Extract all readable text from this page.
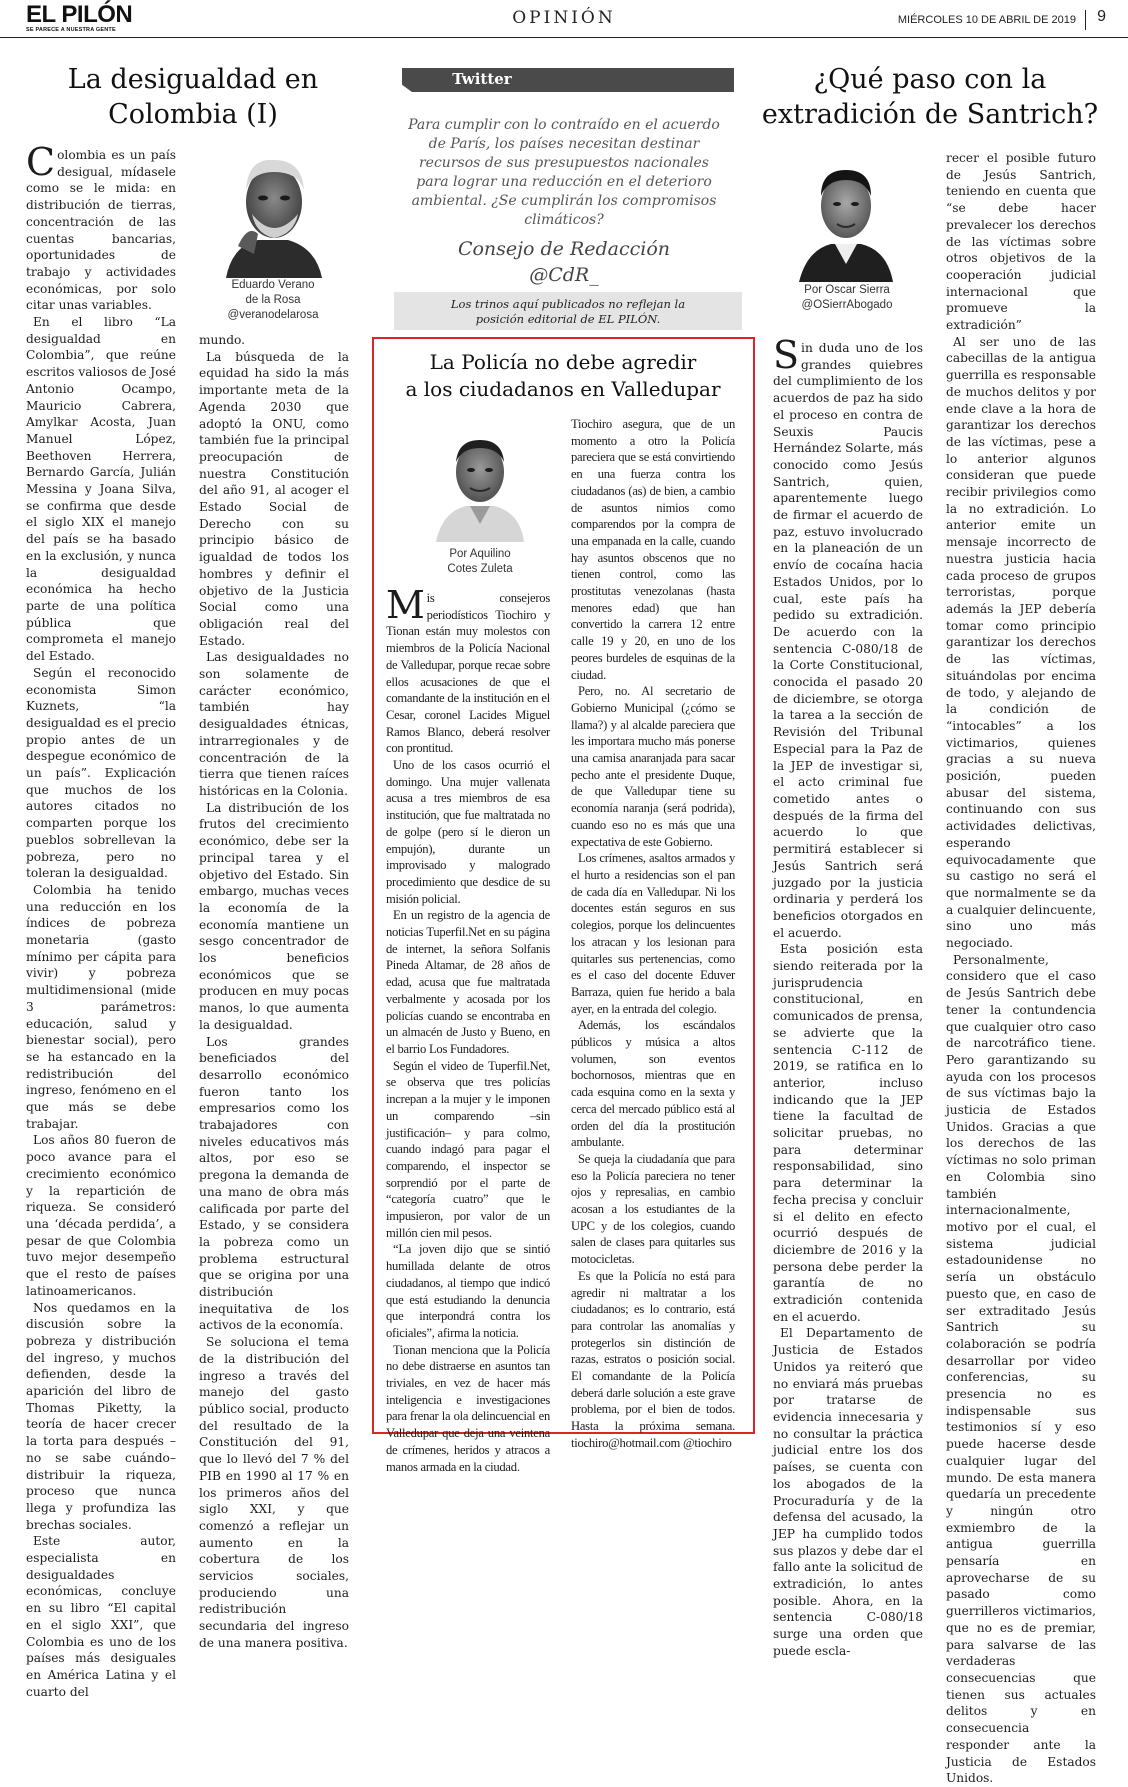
EL PILÓN
SE PARECE A NUESTRA GENTE
OPINIÓN	MIÉRCOLES 10 DE ABRIL DE 2019 9
La desigualdad en
Colombia (I)
Eduardo Verano
de la Rosa
@veranodelarosa

Colombia es un país desigual, mídasele como se le mida: en distribución de tierras, concentración de las cuentas bancarias, oportunidades de trabajo y actividades económicas, por solo citar unas variables.

En el libro “La desigualdad en Colombia”, que reúne escritos valiosos de José Antonio Ocampo, Mauricio Cabrera, Amylkar Acosta, Juan Manuel López, Beethoven Herrera, Bernardo García, Julián Messina y Joana Silva, se confirma que desde el siglo XIX el manejo del país se ha basado en la exclusión, y nunca la desigualdad económica ha hecho parte de una política pública que comprometa el manejo del Estado.

Según el reconocido economista Simon Kuznets, “la desigualdad es el precio propio antes de un despegue económico de un país”. Explicación que muchos de los autores citados no comparten porque los pueblos sobrellevan la pobreza, pero no toleran la desigualdad.

Colombia ha tenido una reducción en los índices de pobreza monetaria (gasto mínimo per cápita para vivir) y pobreza multidimensional (mide 3 parámetros: educación, salud y bienestar social), pero se ha estancado en la redistribución del ingreso, fenómeno en el que más se debe trabajar.

Los años 80 fueron de poco avance para el crecimiento económico y la repartición de riqueza. Se consideró una ‘década perdida’, a pesar de que Colombia tuvo mejor desempeño que el resto de países latinoamericanos.

Nos quedamos en la discusión sobre la pobreza y distribución del ingreso, y muchos defienden, desde la aparición del libro de Thomas Piketty, la teoría de hacer crecer la torta para después –no se sabe cuándo– distribuir la riqueza, proceso que nunca llega y profundiza las brechas sociales.

Este autor, especialista en desigualdades económicas, concluye en su libro “El capital en el siglo XXI”, que Colombia es uno de los países más desiguales en América Latina y el cuarto del

mundo.

La búsqueda de la equidad ha sido la más importante meta de la Agenda 2030 que adoptó la ONU, como también fue la principal preocupación de nuestra Constitución del año 91, al acoger el Estado Social de Derecho con su principio básico de igualdad de todos los hombres y definir el objetivo de la Justicia Social como una obligación real del Estado.

Las desigualdades no son solamente de carácter económico, también hay desigualdades étnicas, intrarregionales y de concentración de la tierra que tienen raíces históricas en la Colonia.

La distribución de los frutos del crecimiento económico, debe ser la principal tarea y el objetivo del Estado. Sin embargo, muchas veces la economía de la economía mantiene un sesgo concentrador de los beneficios económicos que se producen en muy pocas manos, lo que aumenta la desigualdad.

Los grandes beneficiados del desarrollo económico fueron tanto los empresarios como los trabajadores con niveles educativos más altos, por eso se pregona la demanda de una mano de obra más calificada por parte del Estado, y se considera la pobreza como un problema estructural que se origina por una distribución inequitativa de los activos de la economía.

Se soluciona el tema de la distribución del ingreso a través del manejo del gasto público social, producto del resultado de la Constitución del 91, que lo llevó del 7 % del PIB en 1990 al 17 % en los primeros años del siglo XXI, y que comenzó a reflejar un aumento en la cobertura de los servicios sociales, produciendo una redistribución secundaria del ingreso de una manera positiva.

Twitter
Para cumplir con lo contraído en el acuerdo de París, los países necesitan destinar recursos de sus presupuestos nacionales para lograr una reducción en el deterioro ambiental. ¿Se cumplirán los compromisos climáticos?
Consejo de Redacción
@CdR_
Los trinos aquí publicados no reflejan la
posición editorial de EL PILÓN.
La Policía no debe agredir
a los ciudadanos en Valledupar
Por Aquilino
Cotes Zuleta

Mis consejeros periodísticos Tiochiro y Tionan están muy molestos con miembros de la Policía Nacional de Valledupar, porque recae sobre ellos acusaciones de que el comandante de la institución en el Cesar, coronel Lacides Miguel Ramos Blanco, deberá resolver con prontitud.

Uno de los casos ocurrió el domingo. Una mujer vallenata acusa a tres miembros de esa institución, que fue maltratada no de golpe (pero sí le dieron un empujón), durante un improvisado y malogrado procedimiento que desdice de su misión policial.

En un registro de la agencia de noticias Tuperfil.Net en su página de internet, la señora Solfanis Pineda Altamar, de 28 años de edad, acusa que fue maltratada verbalmente y acosada por los policías cuando se encontraba en un almacén de Justo y Bueno, en el barrio Los Fundadores.

Según el video de Tuperfil.Net, se observa que tres policías increpan a la mujer y le imponen un comparendo –sin justificación– y para colmo, cuando indagó para pagar el comparendo, el inspector se sorprendió por el parte de “categoría cuatro” que le impusieron, por valor de un millón cien mil pesos.

“La joven dijo que se sintió humillada delante de otros ciudadanos, al tiempo que indicó que está estudiando la denuncia que interpondrá contra los oficiales”, afirma la noticia.

Tionan menciona que la Policía no debe distraerse en asuntos tan triviales, en vez de hacer más inteligencia e investigaciones para frenar la ola delincuencial en Valledupar que deja una veintena de crímenes, heridos y atracos a manos armada en la ciudad.

Tiochiro asegura, que de un momento a otro la Policía pareciera que se está convirtiendo en una fuerza contra los ciudadanos (as) de bien, a cambio de asuntos nimios como comparendos por la compra de una empanada en la calle, cuando hay asuntos obscenos que no tienen control, como las prostitutas venezolanas (hasta menores edad) que han convertido la carrera 12 entre calle 19 y 20, en uno de los peores burdeles de esquinas de la ciudad.

Pero, no. Al secretario de Gobierno Municipal (¿cómo se llama?) y al alcalde pareciera que les importara mucho más ponerse una camisa anaranjada para sacar pecho ante el presidente Duque, de que Valledupar tiene su economía naranja (será podrida), cuando eso no es más que una expectativa de este Gobierno.

Los crímenes, asaltos armados y el hurto a residencias son el pan de cada día en Valledupar. Ni los docentes están seguros en sus colegios, porque los delincuentes los atracan y los lesionan para quitarles sus pertenencias, como es el caso del docente Eduver Barraza, quien fue herido a bala ayer, en la entrada del colegio.

Además, los escándalos públicos y música a altos volumen, son eventos bochornosos, mientras que en cada esquina como en la sexta y cerca del mercado público está al orden del día la prostitución ambulante.

Se queja la ciudadanía que para eso la Policía pareciera no tener ojos y represalias, en cambio acosan a los estudiantes de la UPC y de los colegios, cuando salen de clases para quitarles sus motocicletas.

Es que la Policía no está para agredir ni maltratar a los ciudadanos; es lo contrario, está para controlar las anomalías y protegerlos sin distinción de razas, estratos o posición social. El comandante de la Policía deberá darle solución a este grave problema, por el bien de todos. Hasta la próxima semana. tiochiro@hotmail.com @tiochiro

¿Qué paso con la
extradición de Santrich?
Por Oscar Sierra
@OSierrAbogado

Sin duda uno de los grandes quiebres del cumplimiento de los acuerdos de paz ha sido el proceso en contra de Seuxis Paucis Hernández Solarte, más conocido como Jesús Santrich, quien, aparentemente luego de firmar el acuerdo de paz, estuvo involucrado en la planeación de un envío de cocaína hacia Estados Unidos, por lo cual, este país ha pedido su extradición. De acuerdo con la sentencia C-080/18 de la Corte Constitucional, conocida el pasado 20 de diciembre, se otorga la tarea a la sección de Revisión del Tribunal Especial para la Paz de la JEP de investigar si, el acto criminal fue cometido antes o después de la firma del acuerdo lo que permitirá establecer si Jesús Santrich será juzgado por la justicia ordinaria y perderá los beneficios otorgados en el acuerdo.

Esta posición esta siendo reiterada por la jurisprudencia constitucional, en comunicados de prensa, se advierte que la sentencia C-112 de 2019, se ratifica en lo anterior, incluso indicando que la JEP tiene la facultad de solicitar pruebas, no para determinar responsabilidad, sino para determinar la fecha precisa y concluir si el delito en efecto ocurrió después de diciembre de 2016 y la persona debe perder la garantía de no extradición contenida en el acuerdo.

El Departamento de Justicia de Estados Unidos ya reiteró que no enviará más pruebas por tratarse de evidencia innecesaria y no consultar la práctica judicial entre los dos países, se cuenta con los abogados de la Procuraduría y de la defensa del acusado, la JEP ha cumplido todos sus plazos y debe dar el fallo ante la solicitud de extradición, lo antes posible. Ahora, en la sentencia C-080/18 surge una orden que puede escla-

recer el posible futuro de Jesús Santrich, teniendo en cuenta que “se debe hacer prevalecer los derechos de las víctimas sobre otros objetivos de la cooperación judicial internacional que promueve la extradición”

Al ser uno de las cabecillas de la antigua guerrilla es responsable de muchos delitos y por ende clave a la hora de garantizar los derechos de las víctimas, pese a lo anterior algunos consideran que puede recibir privilegios como la no extradición. Lo anterior emite un mensaje incorrecto de nuestra justicia hacia cada proceso de grupos terroristas, porque además la JEP debería tomar como principio garantizar los derechos de las víctimas, situándolas por encima de todo, y alejando de la condición de “intocables” a los victimarios, quienes gracias a su nueva posición, pueden abusar del sistema, continuando con sus actividades delictivas, esperando equivocadamente que su castigo no será el que normalmente se da a cualquier delincuente, sino uno más negociado.

Personalmente, considero que el caso de Jesús Santrich debe tener la contundencia que cualquier otro caso de narcotráfico tiene. Pero garantizando su ayuda con los procesos de sus víctimas bajo la justicia de Estados Unidos. Gracias a que los derechos de las víctimas no solo priman en Colombia sino también internacionalmente, motivo por el cual, el sistema judicial estadounidense no sería un obstáculo puesto que, en caso de ser extraditado Jesús Santrich su colaboración se podría desarrollar por video conferencias, su presencia no es indispensable sus testimonios sí y eso puede hacerse desde cualquier lugar del mundo. De esta manera quedaría un precedente y ningún otro exmiembro de la antigua guerrilla pensaría en aprovecharse de su pasado como guerrilleros victimarios, que no es de premiar, para salvarse de las verdaderas consecuencias que tienen sus actuales delitos y en consecuencia responder ante la Justicia de Estados Unidos.
